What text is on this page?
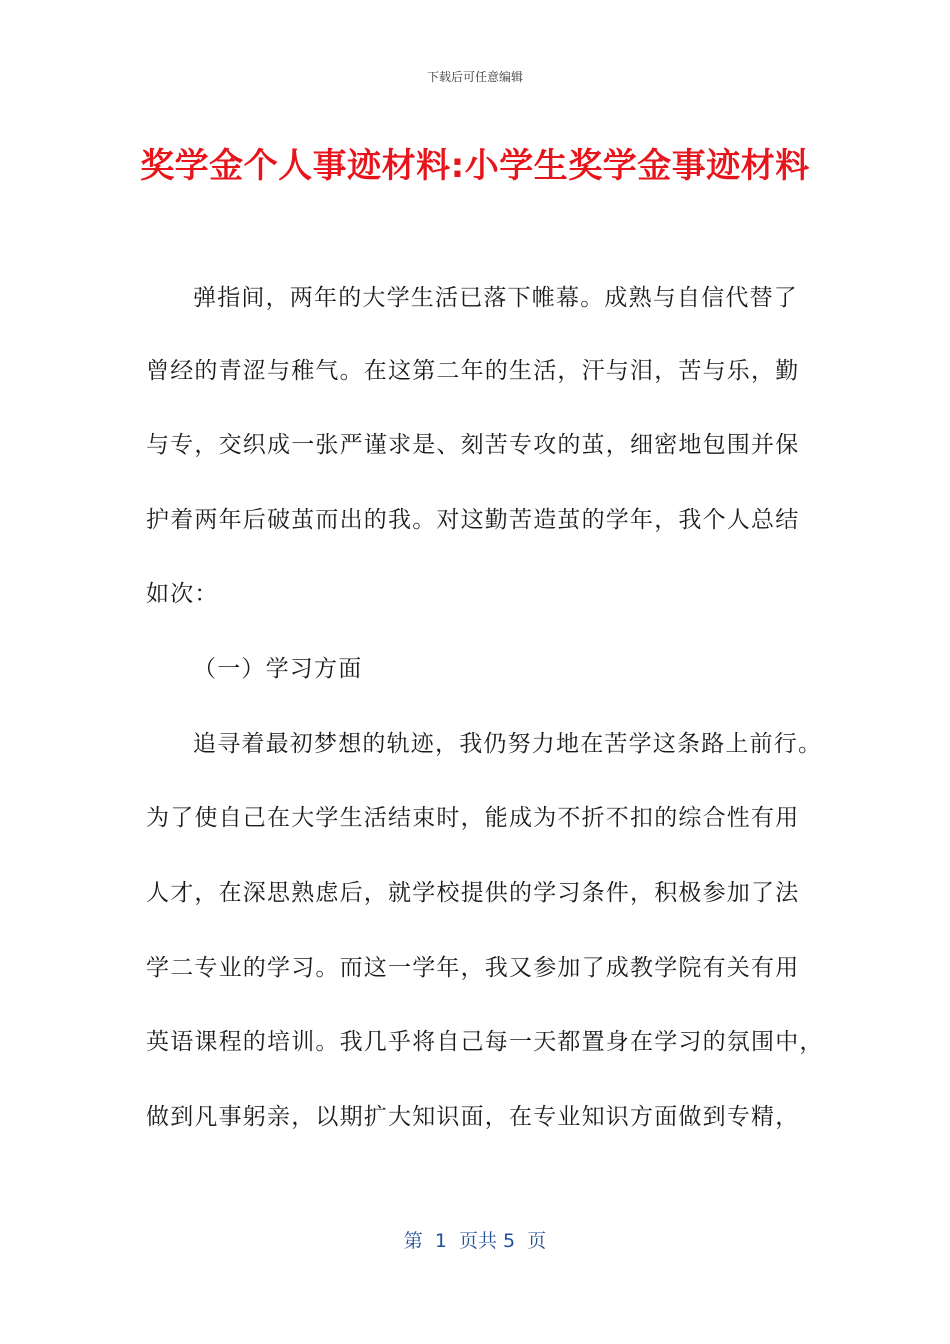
下载后可任意编辑
奖学金个人事迹材料:小学生奖学金事迹材料
弹指间，两年的大学生活已落下帷幕。成熟与自信代替了
曾经的青涩与稚气。在这第二年的生活，汗与泪，苦与乐，勤
与专，交织成一张严谨求是、刻苦专攻的茧，细密地包围并保
护着两年后破茧而出的我。对这勤苦造茧的学年，我个人总结
如次：
（一）学习方面
追寻着最初梦想的轨迹，我仍努力地在苦学这条路上前行。
为了使自己在大学生活结束时，能成为不折不扣的综合性有用
人才，在深思熟虑后，就学校提供的学习条件，积极参加了法
学二专业的学习。而这一学年，我又参加了成教学院有关有用
英语课程的培训。我几乎将自己每一天都置身在学习的氛围中，
做到凡事躬亲，以期扩大知识面，在专业知识方面做到专精，
第  1  页共 5  页
